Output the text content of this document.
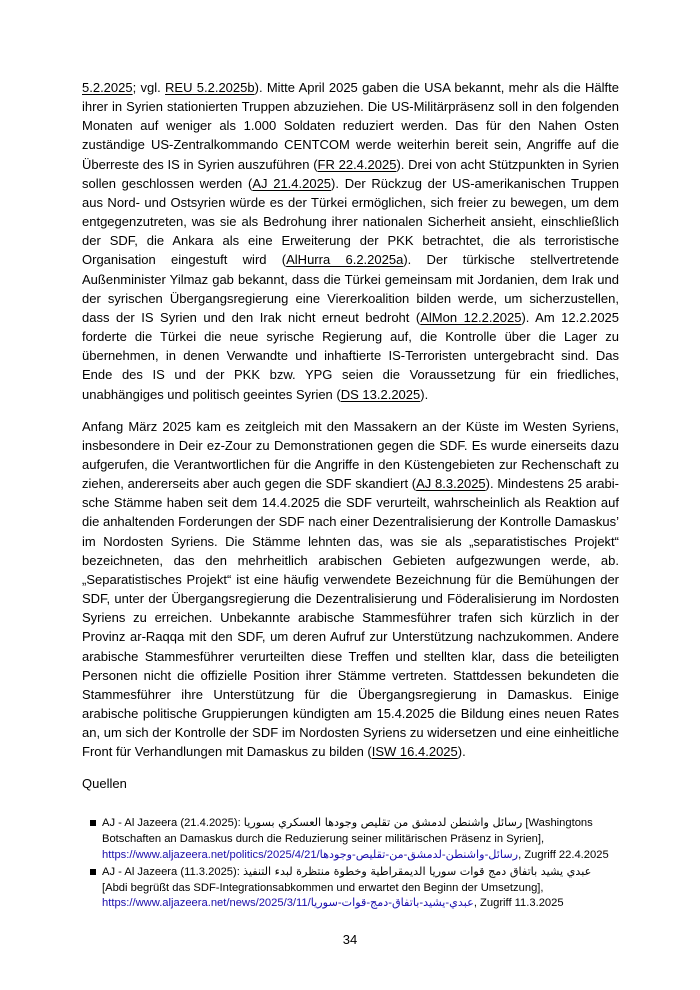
5.2.2025; vgl. REU 5.2.2025b). Mitte April 2025 gaben die USA bekannt, mehr als die Hälfte ihrer in Syrien stationierten Truppen abzuziehen. Die US-Militärpräsenz soll in den folgenden Monaten auf weniger als 1.000 Soldaten reduziert werden. Das für den Nahen Osten zuständige US-Zentralkommando CENTCOM werde weiterhin bereit sein, Angriffe auf die Überreste des IS in Syrien auszuführen (FR 22.4.2025). Drei von acht Stützpunkten in Syrien sollen geschlossen werden (AJ 21.4.2025). Der Rückzug der US-amerikanischen Truppen aus Nord- und Ostsyrien würde es der Türkei ermöglichen, sich freier zu bewegen, um dem entgegenzutreten, was sie als Bedrohung ihrer nationalen Sicherheit ansieht, einschließlich der SDF, die Ankara als eine Erweiterung der PKK betrachtet, die als terroristische Organisation eingestuft wird (AlHurra 6.2.2025a). Der türkische stellvertretende Außenminister Yilmaz gab bekannt, dass die Türkei gemeinsam mit Jordanien, dem Irak und der syrischen Übergangsregierung eine Viererkoalition bilden werde, um sicherzustellen, dass der IS Syrien und den Irak nicht erneut bedroht (AlMon 12.2.2025). Am 12.2.2025 forderte die Türkei die neue syrische Regierung auf, die Kontrolle über die Lager zu übernehmen, in denen Verwandte und inhaftierte IS-Terroristen untergebracht sind. Das Ende des IS und der PKK bzw. YPG seien die Voraussetzung für ein friedliches, unabhängiges und politisch geeintes Syrien (DS 13.2.2025).

Anfang März 2025 kam es zeitgleich mit den Massakern an der Küste im Westen Syriens, insbesondere in Deir ez-Zour zu Demonstrationen gegen die SDF. Es wurde einerseits dazu aufgerufen, die Verantwortlichen für die Angriffe in den Küstengebieten zur Rechenschaft zu ziehen, andererseits aber auch gegen die SDF skandiert (AJ 8.3.2025). Mindestens 25 arabische Stämme haben seit dem 14.4.2025 die SDF verurteilt, wahrscheinlich als Reaktion auf die anhaltenden Forderungen der SDF nach einer Dezentralisierung der Kontrolle Damaskus’ im Nordosten Syriens. Die Stämme lehnten das, was sie als „separatistisches Projekt“ bezeichneten, das den mehrheitlich arabischen Gebieten aufgezwungen werde, ab. „Separatistisches Projekt“ ist eine häufig verwendete Bezeichnung für die Bemühungen der SDF, unter der Übergangsregierung die Dezentralisierung und Föderalisierung im Nordosten Syriens zu erreichen. Unbekannte arabische Stammesführer trafen sich kürzlich in der Provinz ar-Raqqa mit den SDF, um deren Aufruf zur Unterstützung nachzukommen. Andere arabische Stammesführer verurteilten diese Treffen und stellten klar, dass die beteiligten Personen nicht die offizielle Position ihrer Stämme vertreten. Stattdessen bekundeten die Stammesführer ihre Unterstützung für die Übergangsregierung in Damaskus. Einige arabische politische Gruppierungen kündigten am 15.4.2025 die Bildung eines neuen Rates an, um sich der Kontrolle der SDF im Nordosten Syriens zu widersetzen und eine einheitliche Front für Verhandlungen mit Damaskus zu bilden (ISW 16.4.2025).

Quellen
AJ - Al Jazeera (21.4.2025): رسائل واشنطن لدمشق من تقليص وجودها العسكري بسوريا [Washingtons Botschaften an Damaskus durch die Reduzierung seiner militärischen Präsenz in Syrien], https://www.aljazeera.net/politics/2025/4/21/رسائل-واشنطن-لدمشق-من-تقليص-وجودها, Zugriff 22.4.2025
AJ - Al Jazeera (11.3.2025): عبدي يشيد باتفاق دمج قوات سوريا الديمقراطية وخطوة منتظرة لبدء التنفيذ [Abdi begrüßt das SDF-Integrationsabkommen und erwartet den Beginn der Umsetzung], https://www.aljazeera.net/news/2025/3/11/عبدي-يشيد-باتفاق-دمج-قوات-سوريا, Zugriff 11.3.2025
34
